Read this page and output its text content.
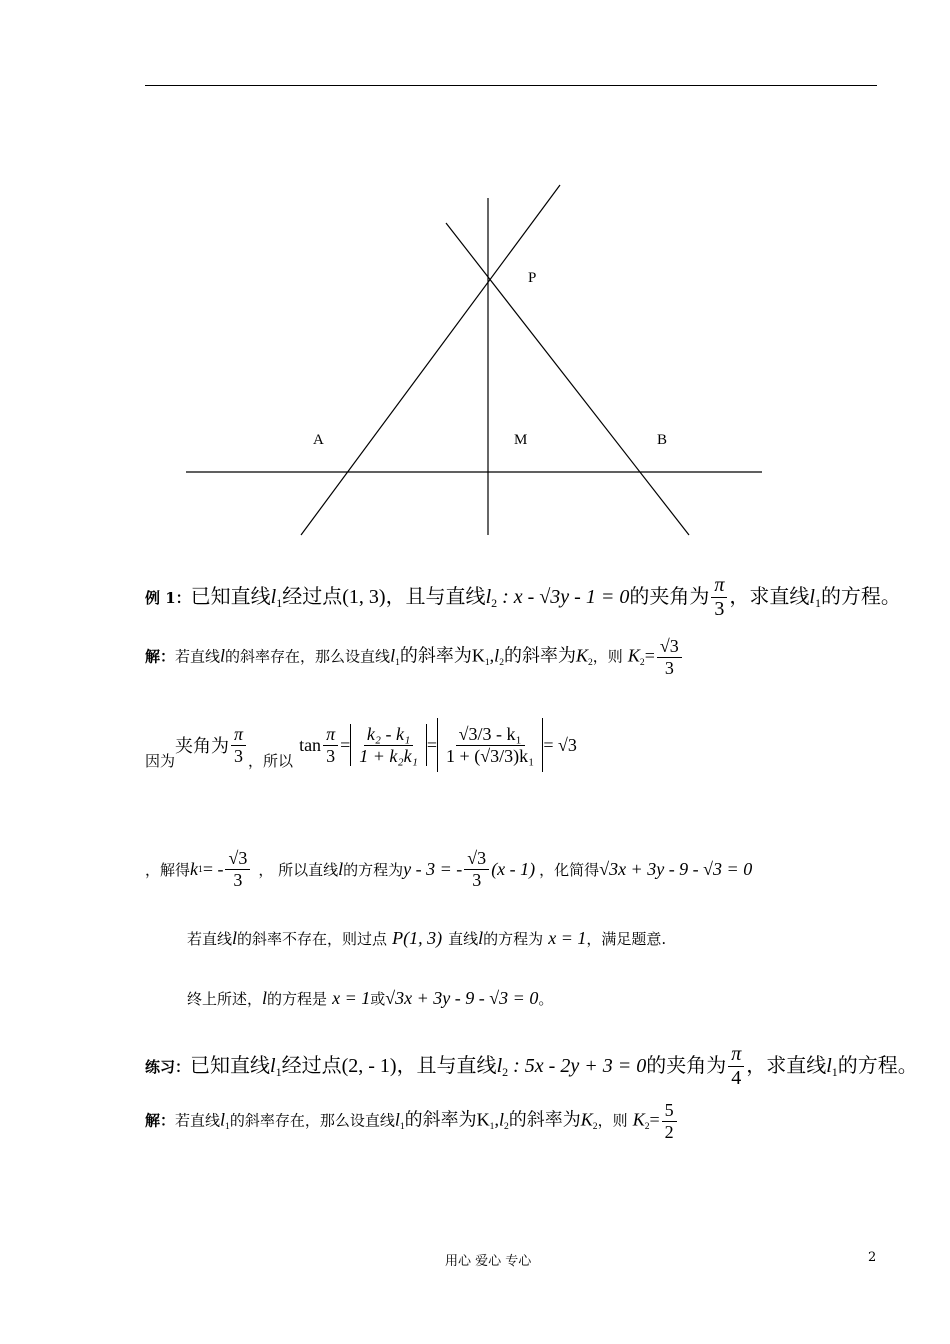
P
A	M	B
例 1：已知直线$l_1$经过点(1, 3)，且与直线$l_2$ : x - √3y - 1 = 0的夹角为 $\frac{\pi}{3}$ ，求直线$l_1$的方程。
解：若直线l的斜率存在，那么设直线$l_1$的斜率为$K_1,l_2$的斜率为$K_2$，则 $K_2= \frac{√3}{3}$
因为
夹角为 $\frac{\pi}{3}$ ，所以
$\tan \frac{\pi}{3} = \frac{\text{k₂ - k₁}}{\text{1 + k₂k₁}} = \frac{\text{√3/3 - k₁}}{\text{1 + (√3/3)k₁}} = √3$
，解得 k 1 = - $\frac{√3}{3}$ ， 所以直线 l 的方程为 y - 3 = - $\frac{√3}{3} (x - 1)$ ，化简得 √3x + 3y - 9 - √3 = 0
若直线l的斜率不存在，则过点 P(1, 3) 直线l的方程为 x = 1，满足题意.
终上所述，l的方程是 x = 1或√3x + 3y - 9 - √3 = 0。
练习：已知直线$l_1$经过点(2, - 1)，且与直线$l_2$ : 5x - 2y + 3 = 0的夹角为 $\frac{\pi}{4}$ ，求直线$l_1$的方程。
解：若直线$l_1$的斜率存在，那么设直线$l_1$的斜率为$K_1,l_2$的斜率为$K_2$，则 $K_2= \frac{5}{2}$
用心 爱心 专心	2
